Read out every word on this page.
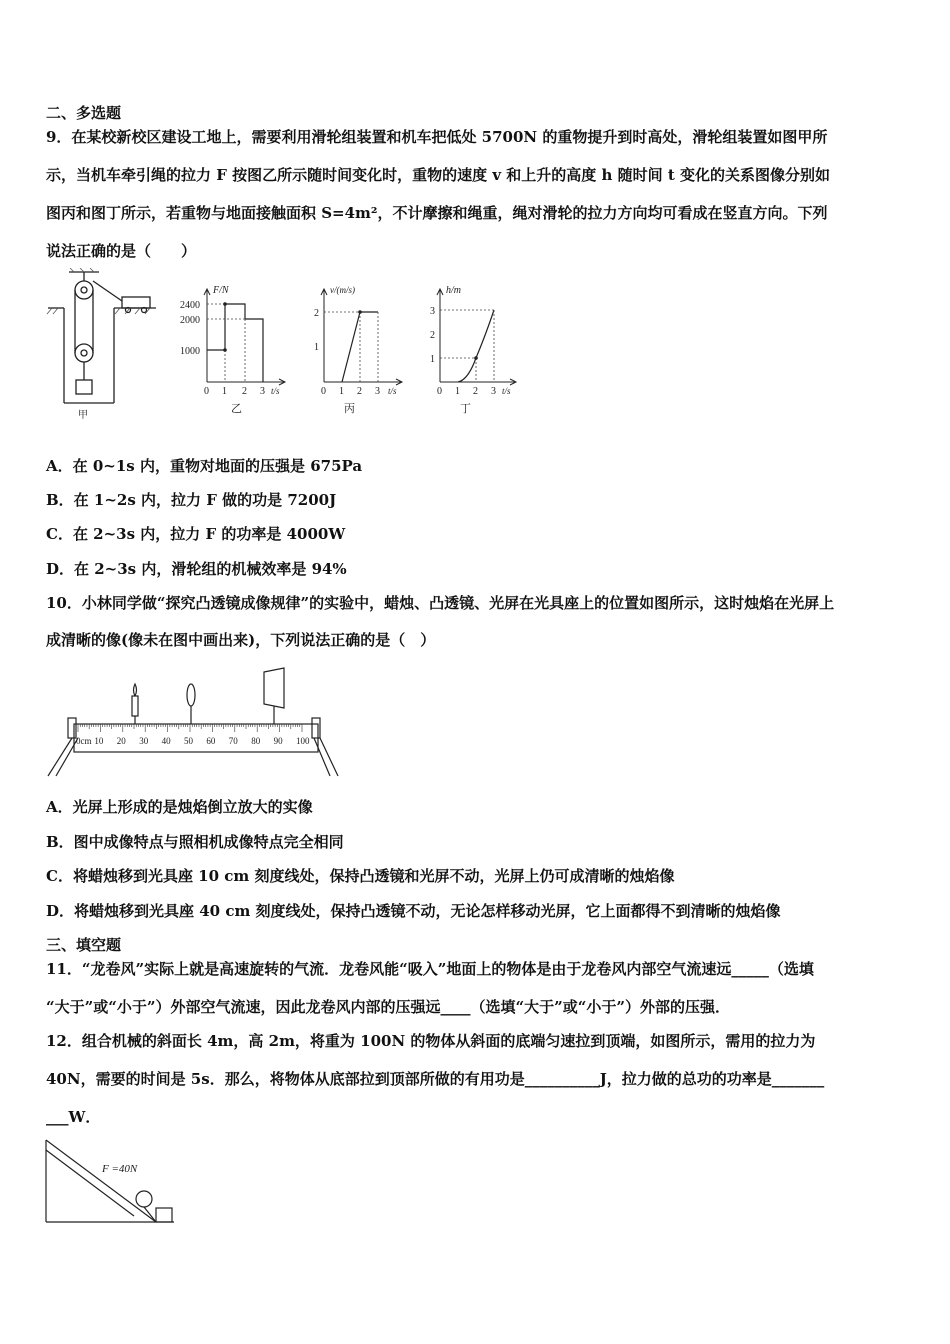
二、多选题
9．在某校新校区建设工地上，需要利用滑轮组装置和机车把低处 5700N 的重物提升到时高处，滑轮组装置如图甲所
示，当机车牵引绳的拉力 F 按图乙所示随时间变化时，重物的速度 v 和上升的高度 h 随时间 t 变化的关系图像分别如
图丙和图丁所示，若重物与地面接触面积 S=4m²，不计摩擦和绳重，绳对滑轮的拉力方向均可看成在竖直方向。下列
说法正确的是（　　）
甲
F/N
2400
2000
1000
0 1 2 3 t/s
乙
v/(m/s)
2
1
0 1 2 3 t/s
丙
h/m
3
2
1
0 1 2 3 t/s
丁
A．在 0~1s 内，重物对地面的压强是 675Pa
B．在 1~2s 内，拉力 F 做的功是 7200J
C．在 2~3s 内，拉力 F 的功率是 4000W
D．在 2~3s 内，滑轮组的机械效率是 94%
10．小林同学做“探究凸透镜成像规律”的实验中，蜡烛、凸透镜、光屏在光具座上的位置如图所示，这时烛焰在光屏上
成清晰的像(像未在图中画出来)，下列说法正确的是（　）
0cm 10 20 30 40 50 60 70 80 90 100
A．光屏上形成的是烛焰倒立放大的实像
B．图中成像特点与照相机成像特点完全相同
C．将蜡烛移到光具座 10 cm 刻度线处，保持凸透镜和光屏不动，光屏上仍可成清晰的烛焰像
D．将蜡烛移到光具座 40 cm 刻度线处，保持凸透镜不动，无论怎样移动光屏，它上面都得不到清晰的烛焰像
三、填空题
11．“龙卷风”实际上就是高速旋转的气流．龙卷风能“吸入”地面上的物体是由于龙卷风内部空气流速远_____（选填
“大于”或“小于”）外部空气流速，因此龙卷风内部的压强远____（选填“大于”或“小于”）外部的压强．
12．组合机械的斜面长 4m，高 2m，将重为 100N 的物体从斜面的底端匀速拉到顶端，如图所示，需用的拉力为
40N，需要的时间是 5s．那么，将物体从底部拉到顶部所做的有用功是__________J，拉力做的总功的功率是_______
___W．
F =40N
